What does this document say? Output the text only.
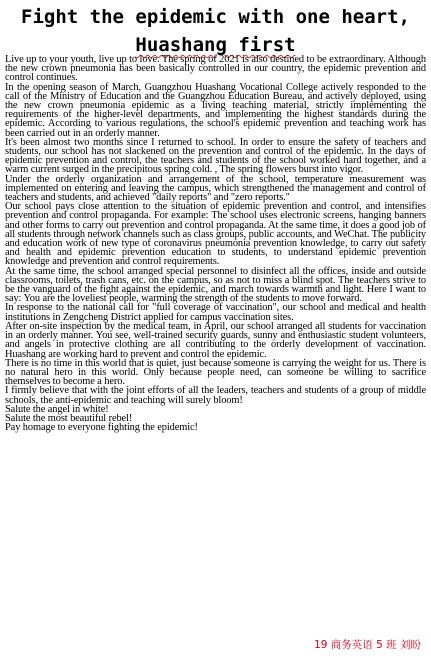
Fight the epidemic with one heart,
Huashang first

Live up to your youth, live up to love. The spring of 2021 is also destined to be extraordinary. Although the new crown pneumonia has been basically controlled in our country, the epidemic prevention and control continues.

In the opening season of March, Guangzhou Huashang Vocational College actively responded to the call of the Ministry of Education and the Guangzhou Education Bureau, and actively deployed, using the new crown pneumonia epidemic as a living teaching material, strictly implementing the requirements of the higher-level departments, and implementing the highest standards during the epidemic. According to various regulations, the school's epidemic prevention and teaching work has been carried out in an orderly manner.

It's been almost two months since I returned to school. In order to ensure the safety of teachers and students, our school has not slackened on the prevention and control of the epidemic. In the days of epidemic prevention and control, the teachers and students of the school worked hard together, and a warm current surged in the precipitous spring cold. , The spring flowers burst into vigor.

Under the orderly organization and arrangement of the school, temperature measurement was implemented on entering and leaving the campus, which strengthened the management and control of teachers and students, and achieved "daily reports" and "zero reports."

Our school pays close attention to the situation of epidemic prevention and control, and intensifies prevention and control propaganda. For example: The school uses electronic screens, hanging banners and other forms to carry out prevention and control propaganda. At the same time, it does a good job of all students through network channels such as class groups, public accounts, and WeChat. The publicity and education work of new type of coronavirus pneumonia prevention knowledge, to carry out safety and health and epidemic prevention education to students, to understand epidemic prevention knowledge and prevention and control requirements.

At the same time, the school arranged special personnel to disinfect all the offices, inside and outside classrooms, toilets, trash cans, etc. on the campus, so as not to miss a blind spot. The teachers strive to be the vanguard of the fight against the epidemic, and march towards warmth and light. Here I want to say: You are the loveliest people, warming the strength of the students to move forward.

In response to the national call for "full coverage of vaccination", our school and medical and health institutions in Zengcheng District applied for campus vaccination sites.

After on-site inspection by the medical team, in April, our school arranged all students for vaccination in an orderly manner. You see, well-trained security guards, sunny and enthusiastic student volunteers, and angels in protective clothing are all contributing to the orderly development of vaccination. Huashang are working hard to prevent and control the epidemic.

There is no time in this world that is quiet, just because someone is carrying the weight for us. There is no natural hero in this world. Only because people need, can someone be willing to sacrifice themselves to become a hero.

I firmly believe that with the joint efforts of all the leaders, teachers and students of a group of middle schools, the anti-epidemic and teaching will surely bloom!

Salute the angel in white!

Salute the most beautiful rebel!

Pay homage to everyone fighting the epidemic!

19 商务英语 5 班 刘盼
